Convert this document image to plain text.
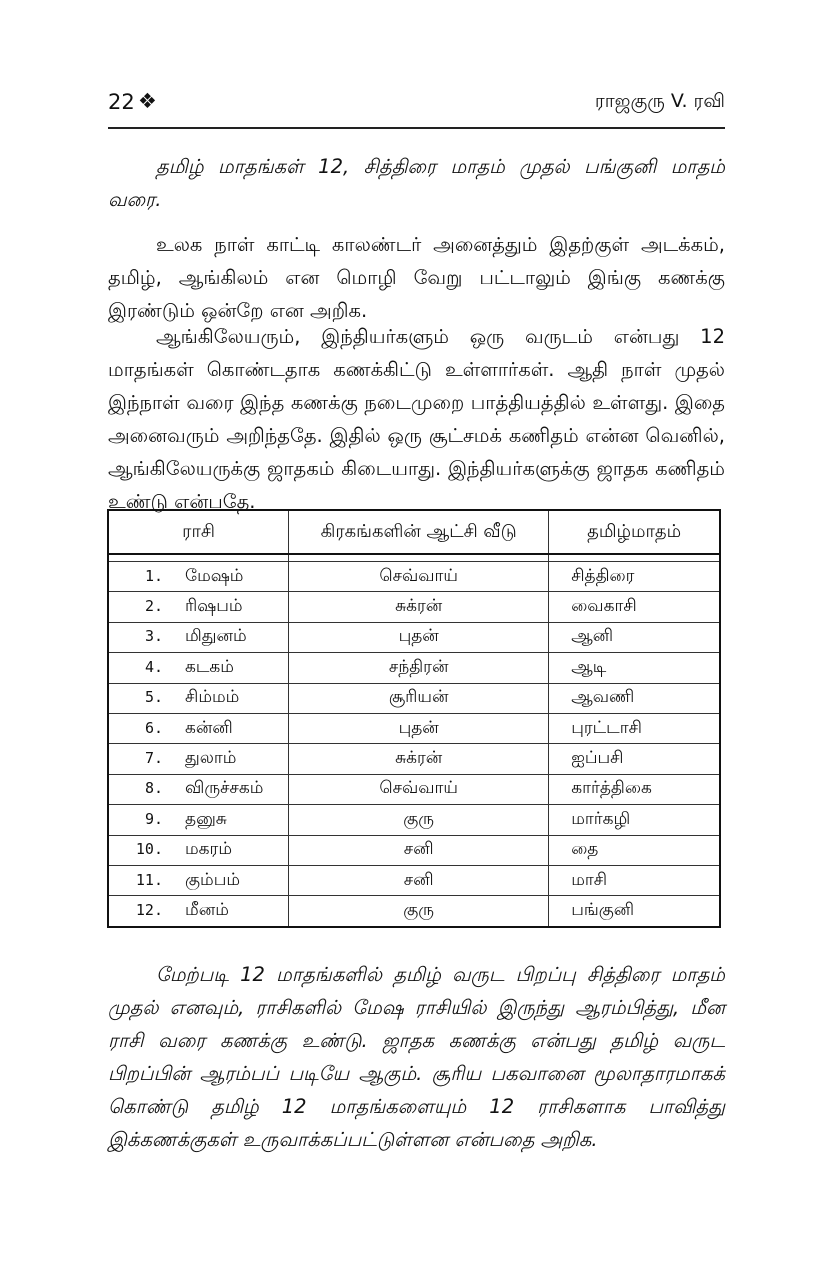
22 ❖	ராஜகுரு V. ரவி

தமிழ் மாதங்கள் 12, சித்திரை மாதம் முதல் பங்குனி மாதம் வரை.

உலக நாள் காட்டி காலண்டர் அனைத்தும் இதற்குள் அடக்கம், தமிழ், ஆங்கிலம் என மொழி வேறு பட்டாலும் இங்கு கணக்கு இரண்டும் ஒன்றே என அறிக.

ஆங்கிலேயரும், இந்தியர்களும் ஒரு வருடம் என்பது 12 மாதங்கள் கொண்டதாக கணக்கிட்டு உள்ளார்கள். ஆதி நாள் முதல் இந்நாள் வரை இந்த கணக்கு நடைமுறை பாத்தியத்தில் உள்ளது. இதை அனைவரும் அறிந்ததே. இதில் ஒரு சூட்சமக் கணிதம் என்ன வெனில், ஆங்கிலேயருக்கு ஜாதகம் கிடையாது. இந்தியர்களுக்கு ஜாதக கணிதம் உண்டு என்பதே.

ராசி	கிரகங்களின் ஆட்சி வீடு	தமிழ்மாதம்

1. மேஷம்	செவ்வாய்	சித்திரை
2. ரிஷபம்	சுக்ரன்	வைகாசி
3. மிதுனம்	புதன்	ஆனி
4. கடகம்	சந்திரன்	ஆடி
5. சிம்மம்	சூரியன்	ஆவணி
6. கன்னி	புதன்	புரட்டாசி
7. துலாம்	சுக்ரன்	ஐப்பசி
8. விருச்சகம்	செவ்வாய்	கார்த்திகை
9. தனுசு	குரு	மார்கழி
10. மகரம்	சனி	தை
11. கும்பம்	சனி	மாசி
12. மீனம்	குரு	பங்குனி

மேற்படி 12 மாதங்களில் தமிழ் வருட பிறப்பு சித்திரை மாதம் முதல் எனவும், ராசிகளில் மேஷ ராசியில் இருந்து ஆரம்பித்து, மீன ராசி வரை கணக்கு உண்டு. ஜாதக கணக்கு என்பது தமிழ் வருட பிறப்பின் ஆரம்பப் படியே ஆகும். சூரிய பகவானை மூலாதாரமாகக் கொண்டு தமிழ் 12 மாதங்களையும் 12 ராசிகளாக பாவித்து இக்கணக்குகள் உருவாக்கப்பட்டுள்ளன என்பதை அறிக.
